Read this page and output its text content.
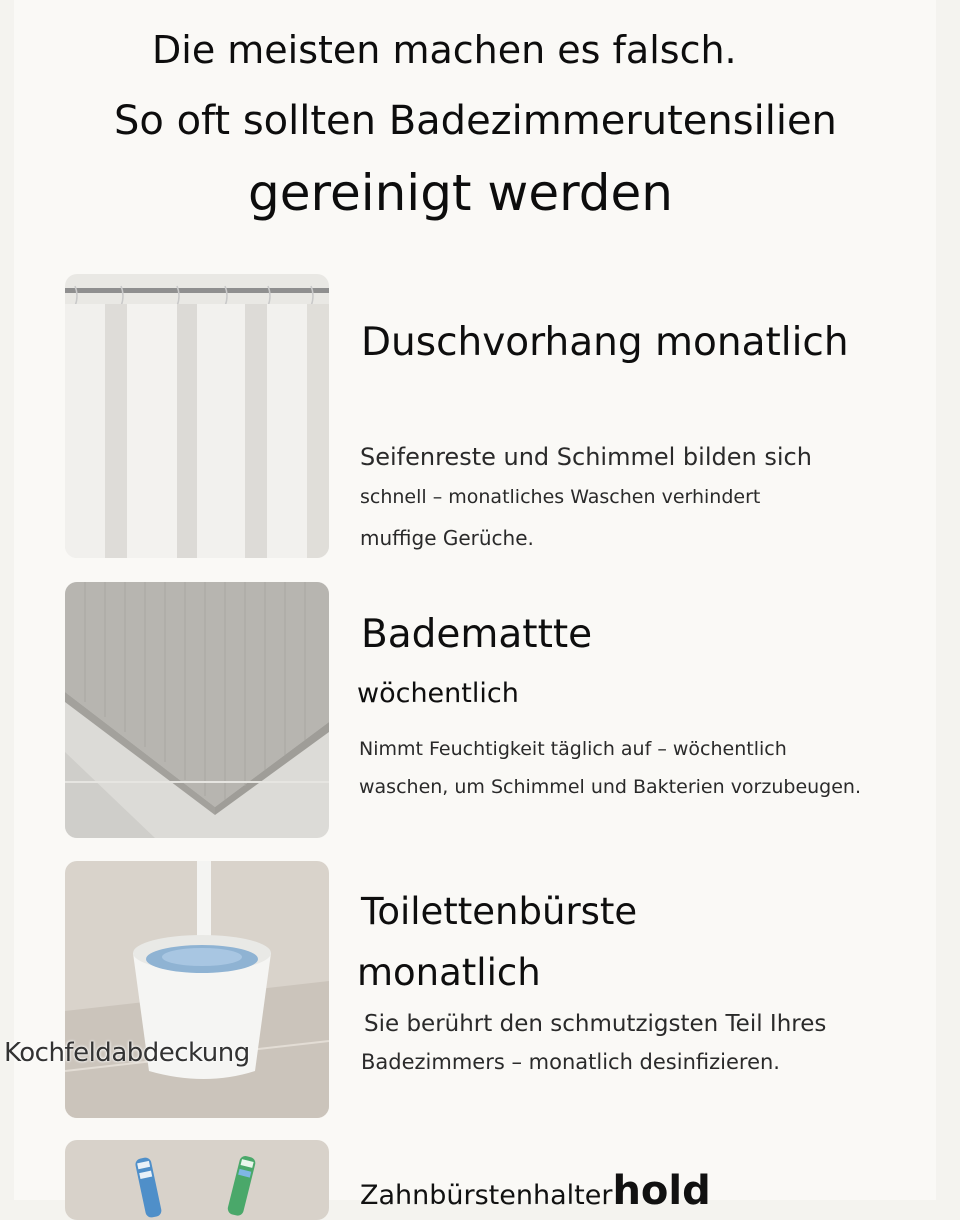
Die meisten machen es falsch.
So oft sollten Badezimmerutensilien
gereinigt werden
Duschvorhang monatlich
Seifenreste und Schimmel bilden sich
schnell – monatliches Waschen verhindert
muffige Gerüche.
Bademattte
wöchentlich
Nimmt Feuchtigkeit täglich auf – wöchentlich
waschen, um Schimmel und Bakterien vorzubeugen.
Toilettenbürste
monatlich
Sie berührt den schmutzigsten Teil Ihres
Badezimmers – monatlich desinfizieren.
Kochfeldabdeckung
Zahnbürstenhalterhold
